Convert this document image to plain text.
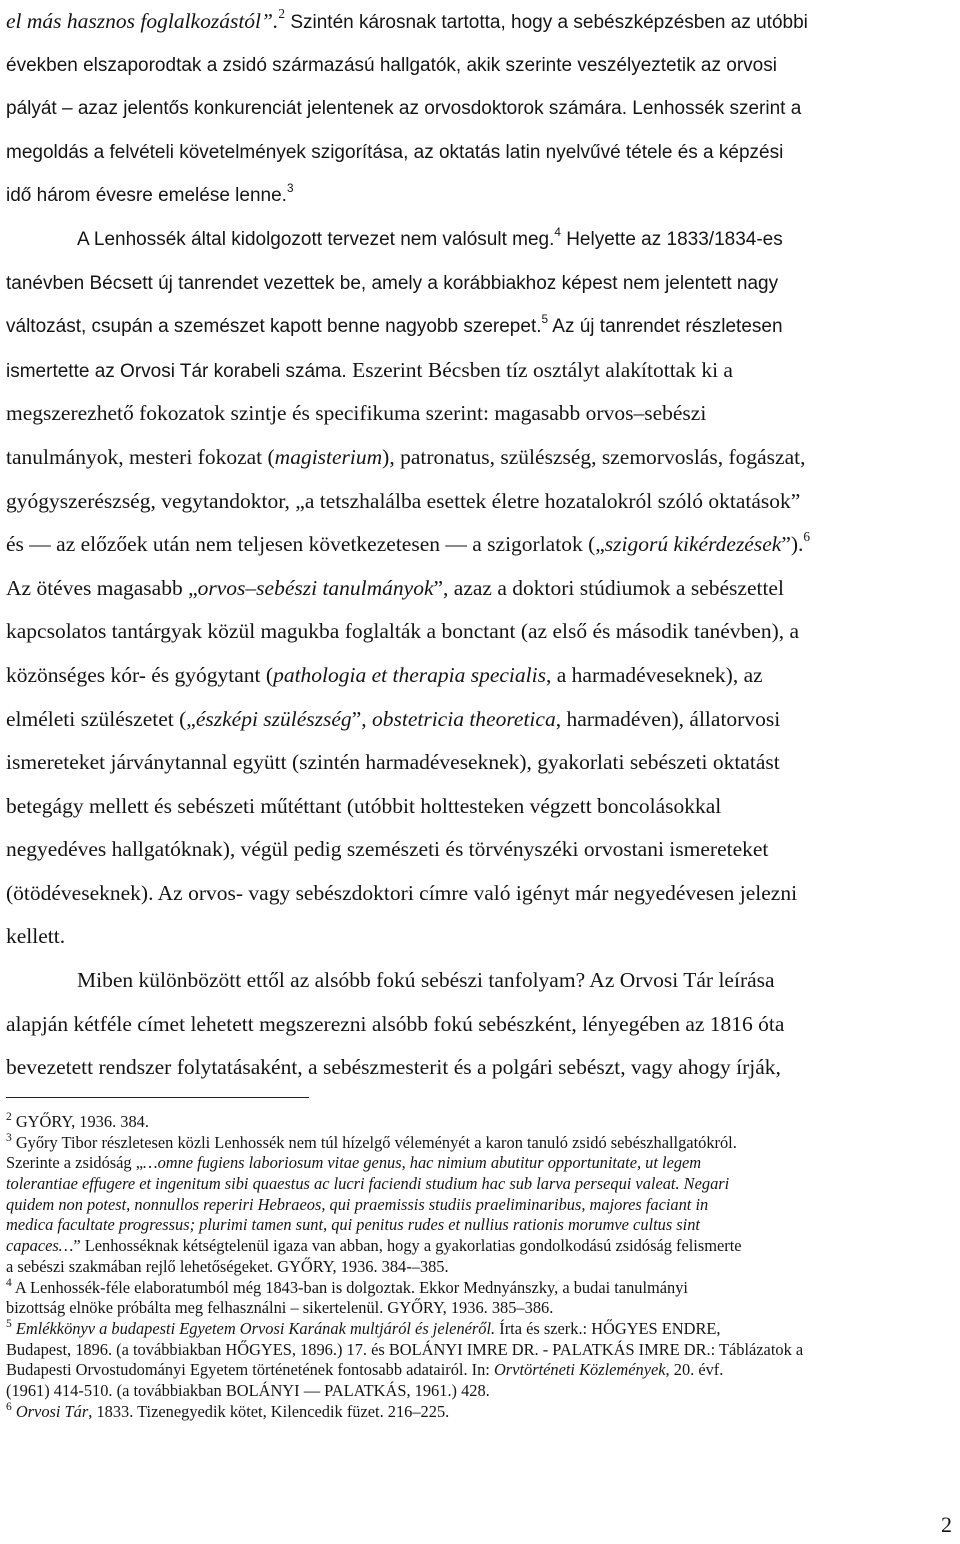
el más hasznos foglalkozástól”.$^2$ Szintén károsnak tartotta, hogy a sebészképzésben az utóbbi
években elszaporodtak a zsidó származású hallgatók, akik szerinte veszélyeztetik az orvosi
pályát – azaz jelentős konkurenciát jelentenek az orvosdoktorok számára. Lenhossék szerint a
megoldás a felvételi követelmények szigorítása, az oktatás latin nyelvűvé tétele és a képzési
idő három évesre emelése lenne.$^3$
A Lenhossék által kidolgozott tervezet nem valósult meg.$^4$ Helyette az 1833/1834-es
tanévben Bécsett új tanrendet vezettek be, amely a korábbiakhoz képest nem jelentett nagy
változást, csupán a szemészet kapott benne nagyobb szerepet.$^5$ Az új tanrendet részletesen
ismertette az Orvosi Tár korabeli száma. Eszerint Bécsben tíz osztályt alakítottak ki a
megszerezhető fokozatok szintje és specifikuma szerint: magasabb orvos–sebészi
tanulmányok, mesteri fokozat (magisterium), patronatus, szülészség, szemorvoslás, fogászat,
gyógyszerészség, vegytandoktor, „a tetszhalálba esettek életre hozatalokról szóló oktatások”
és ― az előzőek után nem teljesen következetesen ― a szigorlatok („szigorú kikérdezések”).$^6$
Az ötéves magasabb „orvos–sebészi tanulmányok”, azaz a doktori stúdiumok a sebészettel
kapcsolatos tantárgyak közül magukba foglalták a bonctant (az első és második tanévben), a
közönséges kór- és gyógytant (pathologia et therapia specialis, a harmadéveseknek), az
elméleti szülészetet („észképi szülészség”, obstetricia theoretica, harmadéven), állatorvosi
ismereteket járványtannal együtt (szintén harmadéveseknek), gyakorlati sebészeti oktatást
betegágy mellett és sebészeti műtéttant (utóbbit holttesteken végzett boncolásokkal
negyedéves hallgatóknak), végül pedig szemészeti és törvényszéki orvostani ismereteket
(ötödéveseknek). Az orvos- vagy sebészdoktori címre való igényt már negyedévesen jelezni
kellett.
Miben különbözött ettől az alsóbb fokú sebészi tanfolyam? Az Orvosi Tár leírása
alapján kétféle címet lehetett megszerezni alsóbb fokú sebészként, lényegében az 1816 óta
bevezetett rendszer folytatásaként, a sebészmesterit és a polgári sebészt, vagy ahogy írják,
$^2$ GYŐRY, 1936. 384.
$^3$ Győry Tibor részletesen közli Lenhossék nem túl hízelgő véleményét a karon tanuló zsidó sebészhallgatókról.
Szerinte a zsidóság „…omne fugiens laboriosum vitae genus, hac nimium abutitur opportunitate, ut legem
tolerantiae effugere et ingenitum sibi quaestus ac lucri faciendi studium hac sub larva persequi valeat. Negari
quidem non potest, nonnullos reperiri Hebraeos, qui praemissis studiis praeliminaribus, majores faciant in
medica facultate progressus; plurimi tamen sunt, qui penitus rudes et nullius rationis morumve cultus sint
capaces…” Lenhosséknak kétségtelenül igaza van abban, hogy a gyakorlatias gondolkodású zsidóság felismerte
a sebészi szakmában rejlő lehetőségeket. GYŐRY, 1936. 384-–385.
$^4$ A Lenhossék-féle elaboratumból még 1843-ban is dolgoztak. Ekkor Mednyánszky, a budai tanulmányi
bizottság elnöke próbálta meg felhasználni – sikertelenül. GYŐRY, 1936. 385–386.
$^5$ Emlékkönyv a budapesti Egyetem Orvosi Karának multjáról és jelenéről. Írta és szerk.: HŐGYES ENDRE,
Budapest, 1896. (a továbbiakban HŐGYES, 1896.) 17. és BOLÁNYI IMRE DR. - PALATKÁS IMRE DR.: Táblázatok a
Budapesti Orvostudományi Egyetem történetének fontosabb adatairól. In: Orvtörténeti Közlemények, 20. évf.
(1961) 414-510. (a továbbiakban BOLÁNYI ― PALATKÁS, 1961.) 428.
$^6$ Orvosi Tár, 1833. Tizenegyedik kötet, Kilencedik füzet. 216–225.
2
